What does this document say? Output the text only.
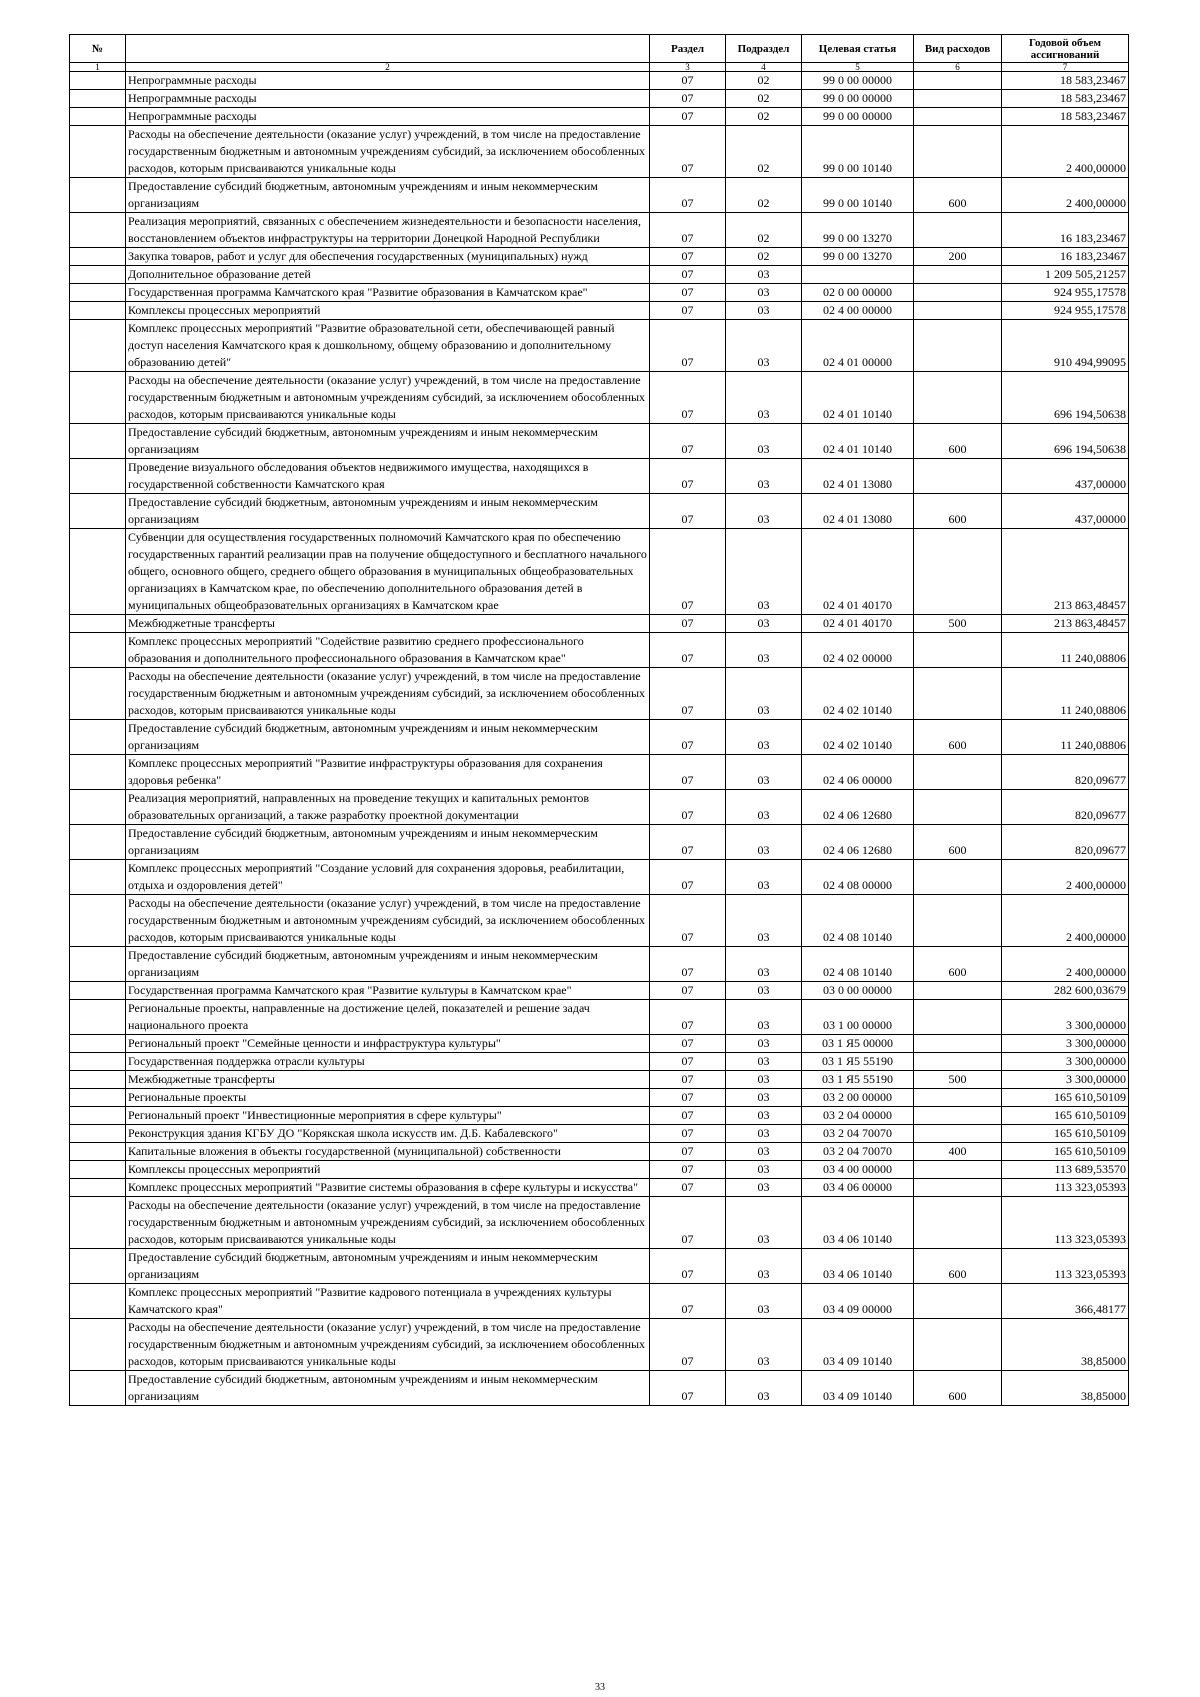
№		Раздел	Подраздел	Целевая статья	Вид расходов	Годовой объем ассигнований
1	2	3	4	5	6	7
	Непрограммные расходы	07	02	99 0 00 00000		18 583,23467
	Непрограммные расходы	07	02	99 0 00 00000		18 583,23467
	Непрограммные расходы	07	02	99 0 00 00000		18 583,23467
	Расходы на обеспечение деятельности (оказание услуг) учреждений, в том числе на предоставление государственным бюджетным и автономным учреждениям субсидий, за исключением обособленных расходов, которым присваиваются уникальные коды	07	02	99 0 00 10140		2 400,00000
	Предоставление субсидий бюджетным, автономным учреждениям и иным некоммерческим организациям	07	02	99 0 00 10140	600	2 400,00000
	Реализация мероприятий, связанных с обеспечением жизнедеятельности и безопасности населения, восстановлением объектов инфраструктуры на территории Донецкой Народной Республики	07	02	99 0 00 13270		16 183,23467
	Закупка товаров, работ и услуг для обеспечения государственных (муниципальных) нужд	07	02	99 0 00 13270	200	16 183,23467
	Дополнительное образование детей	07	03			1 209 505,21257
	Государственная программа Камчатского края "Развитие образования в Камчатском крае"	07	03	02 0 00 00000		924 955,17578
	Комплексы процессных мероприятий	07	03	02 4 00 00000		924 955,17578
	Комплекс процессных мероприятий "Развитие образовательной сети, обеспечивающей равный доступ населения Камчатского края к дошкольному, общему образованию и дополнительному образованию детей"	07	03	02 4 01 00000		910 494,99095
	Расходы на обеспечение деятельности (оказание услуг) учреждений, в том числе на предоставление государственным бюджетным и автономным учреждениям субсидий, за исключением обособленных расходов, которым присваиваются уникальные коды	07	03	02 4 01 10140		696 194,50638
	Предоставление субсидий бюджетным, автономным учреждениям и иным некоммерческим организациям	07	03	02 4 01 10140	600	696 194,50638
	Проведение визуального обследования объектов недвижимого имущества, находящихся в государственной собственности Камчатского края	07	03	02 4 01 13080		437,00000
	Предоставление субсидий бюджетным, автономным учреждениям и иным некоммерческим организациям	07	03	02 4 01 13080	600	437,00000
	Субвенции для осуществления государственных полномочий Камчатского края по обеспечению государственных гарантий реализации прав на получение общедоступного и бесплатного начального общего, основного общего, среднего общего образования в муниципальных общеобразовательных организациях в Камчатском крае, по обеспечению дополнительного образования детей в муниципальных общеобразовательных организациях в Камчатском крае	07	03	02 4 01 40170		213 863,48457
	Межбюджетные трансферты	07	03	02 4 01 40170	500	213 863,48457
	Комплекс процессных мероприятий "Содействие развитию среднего профессионального образования и дополнительного профессионального образования в Камчатском крае"	07	03	02 4 02 00000		11 240,08806
	Расходы на обеспечение деятельности (оказание услуг) учреждений, в том числе на предоставление государственным бюджетным и автономным учреждениям субсидий, за исключением обособленных расходов, которым присваиваются уникальные коды	07	03	02 4 02 10140		11 240,08806
	Предоставление субсидий бюджетным, автономным учреждениям и иным некоммерческим организациям	07	03	02 4 02 10140	600	11 240,08806
	Комплекс процессных мероприятий "Развитие инфраструктуры образования для сохранения здоровья ребенка"	07	03	02 4 06 00000		820,09677
	Реализация мероприятий, направленных на проведение текущих и капитальных ремонтов образовательных организаций, а также разработку проектной документации	07	03	02 4 06 12680		820,09677
	Предоставление субсидий бюджетным, автономным учреждениям и иным некоммерческим организациям	07	03	02 4 06 12680	600	820,09677
	Комплекс процессных мероприятий "Создание условий для сохранения здоровья, реабилитации, отдыха и оздоровления детей"	07	03	02 4 08 00000		2 400,00000
	Расходы на обеспечение деятельности (оказание услуг) учреждений, в том числе на предоставление государственным бюджетным и автономным учреждениям субсидий, за исключением обособленных расходов, которым присваиваются уникальные коды	07	03	02 4 08 10140		2 400,00000
	Предоставление субсидий бюджетным, автономным учреждениям и иным некоммерческим организациям	07	03	02 4 08 10140	600	2 400,00000
	Государственная программа Камчатского края "Развитие культуры в Камчатском крае"	07	03	03 0 00 00000		282 600,03679
	Региональные проекты, направленные на достижение целей, показателей и решение задач национального проекта	07	03	03 1 00 00000		3 300,00000
	Региональный проект "Семейные ценности и инфраструктура культуры"	07	03	03 1 Я5 00000		3 300,00000
	Государственная поддержка отрасли культуры	07	03	03 1 Я5 55190		3 300,00000
	Межбюджетные трансферты	07	03	03 1 Я5 55190	500	3 300,00000
	Региональные проекты	07	03	03 2 00 00000		165 610,50109
	Региональный проект "Инвестиционные мероприятия в сфере культуры"	07	03	03 2 04 00000		165 610,50109
	Реконструкция здания КГБУ ДО "Корякская школа искусств им. Д.Б. Кабалевского"	07	03	03 2 04 70070		165 610,50109
	Капитальные вложения в объекты государственной (муниципальной) собственности	07	03	03 2 04 70070	400	165 610,50109
	Комплексы процессных мероприятий	07	03	03 4 00 00000		113 689,53570
	Комплекс процессных мероприятий "Развитие системы образования в сфере культуры и искусства"	07	03	03 4 06 00000		113 323,05393
	Расходы на обеспечение деятельности (оказание услуг) учреждений, в том числе на предоставление государственным бюджетным и автономным учреждениям субсидий, за исключением обособленных расходов, которым присваиваются уникальные коды	07	03	03 4 06 10140		113 323,05393
	Предоставление субсидий бюджетным, автономным учреждениям и иным некоммерческим организациям	07	03	03 4 06 10140	600	113 323,05393
	Комплекс процессных мероприятий "Развитие кадрового потенциала в учреждениях культуры Камчатского края"	07	03	03 4 09 00000		366,48177
	Расходы на обеспечение деятельности (оказание услуг) учреждений, в том числе на предоставление государственным бюджетным и автономным учреждениям субсидий, за исключением обособленных расходов, которым присваиваются уникальные коды	07	03	03 4 09 10140		38,85000
	Предоставление субсидий бюджетным, автономным учреждениям и иным некоммерческим организациям	07	03	03 4 09 10140	600	38,85000
33
